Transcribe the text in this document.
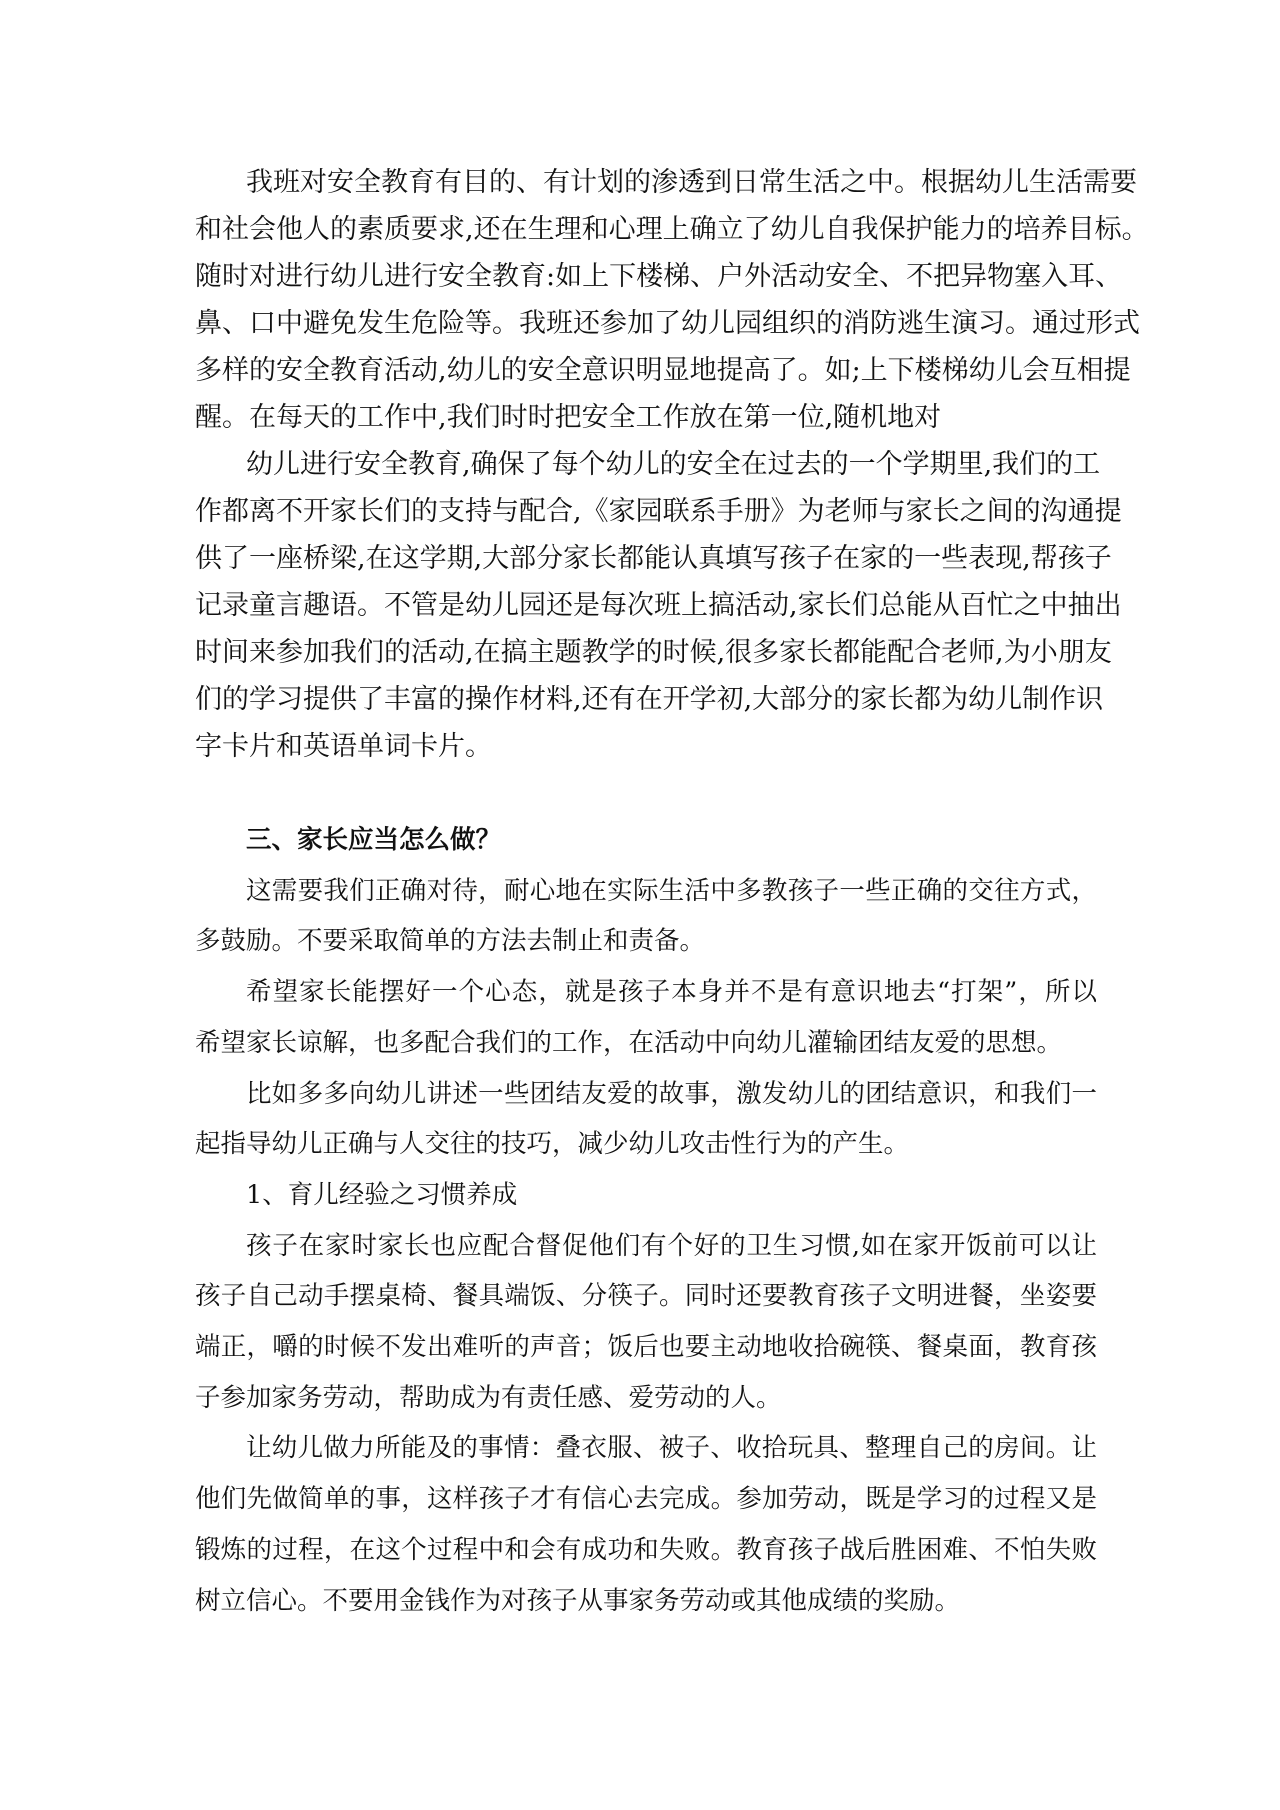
我班对安全教育有目的、有计划的渗透到日常生活之中。根据幼儿生活需要
和社会他人的素质要求,还在生理和心理上确立了幼儿自我保护能力的培养目标。
随时对进行幼儿进行安全教育:如上下楼梯、户外活动安全、不把异物塞入耳、
鼻、口中避免发生危险等。我班还参加了幼儿园组织的消防逃生演习。通过形式
多样的安全教育活动,幼儿的安全意识明显地提高了。如;上下楼梯幼儿会互相提
醒。在每天的工作中,我们时时把安全工作放在第一位,随机地对
幼儿进行安全教育,确保了每个幼儿的安全在过去的一个学期里,我们的工
作都离不开家长们的支持与配合,《家园联系手册》为老师与家长之间的沟通提
供了一座桥梁,在这学期,大部分家长都能认真填写孩子在家的一些表现,帮孩子
记录童言趣语。不管是幼儿园还是每次班上搞活动,家长们总能从百忙之中抽出
时间来参加我们的活动,在搞主题教学的时候,很多家长都能配合老师,为小朋友
们的学习提供了丰富的操作材料,还有在开学初,大部分的家长都为幼儿制作识
字卡片和英语单词卡片。
三、家长应当怎么做？
这需要我们正确对待，耐心地在实际生活中多教孩子一些正确的交往方式，
多鼓励。不要采取简单的方法去制止和责备。
希望家长能摆好一个心态，就是孩子本身并不是有意识地去“打架”，所以
希望家长谅解，也多配合我们的工作，在活动中向幼儿灌输团结友爱的思想。
比如多多向幼儿讲述一些团结友爱的故事，激发幼儿的团结意识，和我们一
起指导幼儿正确与人交往的技巧，减少幼儿攻击性行为的产生。
1、育儿经验之习惯养成
孩子在家时家长也应配合督促他们有个好的卫生习惯,如在家开饭前可以让
孩子自己动手摆桌椅、餐具端饭、分筷子。同时还要教育孩子文明进餐，坐姿要
端正，嚼的时候不发出难听的声音；饭后也要主动地收拾碗筷、餐桌面，教育孩
子参加家务劳动，帮助成为有责任感、爱劳动的人。
让幼儿做力所能及的事情：叠衣服、被子、收拾玩具、整理自己的房间。让
他们先做简单的事，这样孩子才有信心去完成。参加劳动，既是学习的过程又是
锻炼的过程，在这个过程中和会有成功和失败。教育孩子战后胜困难、不怕失败
树立信心。不要用金钱作为对孩子从事家务劳动或其他成绩的奖励。
